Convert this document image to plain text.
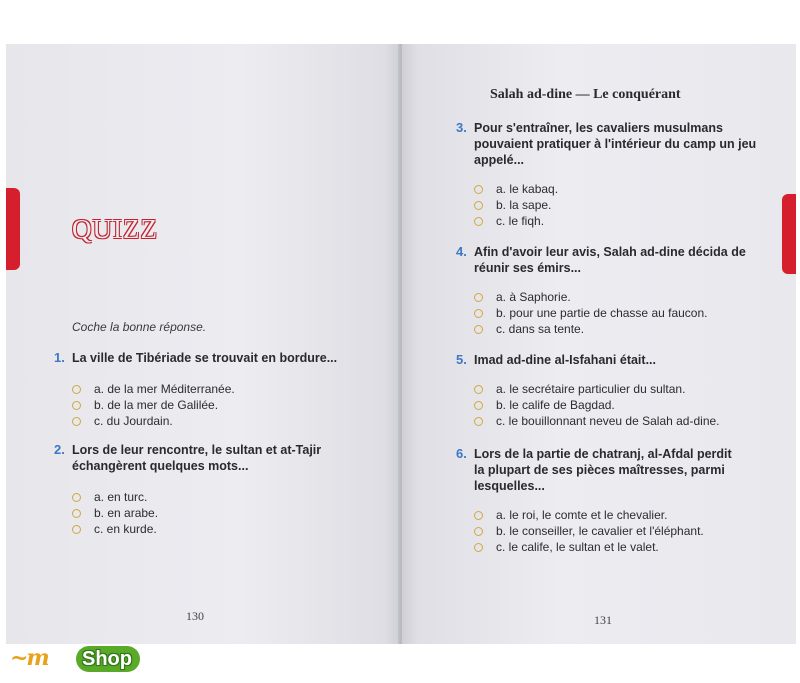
QUIZZ
Coche la bonne réponse.
1. La ville de Tibériade se trouvait en bordure...
a. de la mer Méditerranée.
b. de la mer de Galilée.
c. du Jourdain.
2. Lors de leur rencontre, le sultan et at-Tajir
échangèrent quelques mots...
a. en turc.
b. en arabe.
c. en kurde.
130
~m	Shop
Salah ad-dine — Le conquérant
3. Pour s'entraîner, les cavaliers musulmans
pouvaient pratiquer à l'intérieur du camp un jeu
appelé...
a. le kabaq.
b. la sape.
c. le fiqh.
4. Afin d'avoir leur avis, Salah ad-dine décida de
réunir ses émirs...
a. à Saphorie.
b. pour une partie de chasse au faucon.
c. dans sa tente.
5. Imad ad-dine al-Isfahani était...
a. le secrétaire particulier du sultan.
b. le calife de Bagdad.
c. le bouillonnant neveu de Salah ad-dine.
6. Lors de la partie de chatranj, al-Afdal perdit
la plupart de ses pièces maîtresses, parmi
lesquelles...
a. le roi, le comte et le chevalier.
b. le conseiller, le cavalier et l'éléphant.
c. le calife, le sultan et le valet.
131
